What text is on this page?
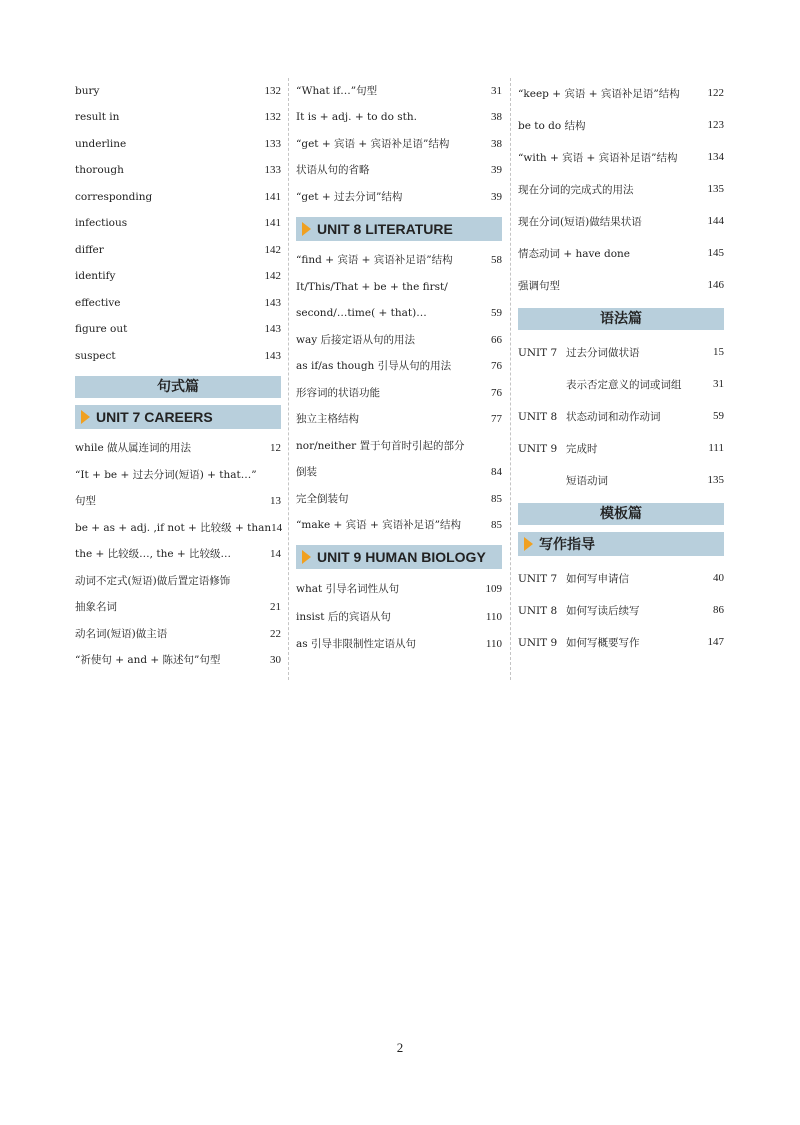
bury	132
result in	132
underline	133
thorough	133
corresponding	141
infectious	141
differ	142
identify	142
effective	143
figure out	143
suspect	143
句式篇
UNIT 7 CAREERS
while 做从属连词的用法	12
“It + be + 过去分词(短语) + that…”
句型	13
be + as + adj. ,if not + 比较级 + than 14
the + 比较级…, the + 比较级…	14
动词不定式(短语)做后置定语修饰
抽象名词	21
动名词(短语)做主语	22
“祈使句 + and + 陈述句”句型	30
“What if…”句型	31
It is + adj. + to do sth.	38
“get + 宾语 + 宾语补足语”结构	38
状语从句的省略	39
“get + 过去分词”结构	39
UNIT 8 LITERATURE
“find + 宾语 + 宾语补足语”结构	58
It/This/That + be + the first/
second/…time( + that)…	59
way 后接定语从句的用法	66
as if/as though 引导从句的用法	76
形容词的状语功能	76
独立主格结构	77
nor/neither 置于句首时引起的部分
倒装	84
完全倒装句	85
“make + 宾语 + 宾语补足语”结构	85
UNIT 9 HUMAN BIOLOGY
what 引导名词性从句	109
insist 后的宾语从句	110
as 引导非限制性定语从句	110
“keep + 宾语 + 宾语补足语”结构	122
be to do 结构	123
“with + 宾语 + 宾语补足语”结构	134
现在分词的完成式的用法	135
现在分词(短语)做结果状语	144
情态动词 + have done	145
强调句型	146
语法篇
UNIT 7 过去分词做状语	15
表示否定意义的词或词组	31
UNIT 8 状态动词和动作动词	59
UNIT 9 完成时	111
短语动词	135
模板篇
写作指导
UNIT 7 如何写申请信	40
UNIT 8 如何写读后续写	86
UNIT 9 如何写概要写作	147
2
